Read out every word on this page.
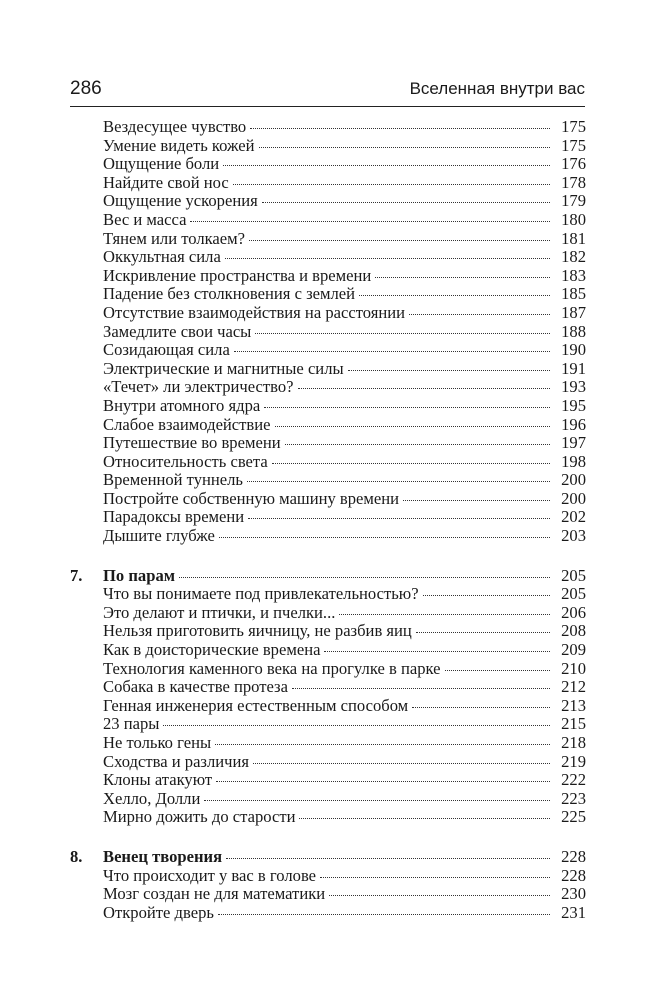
286	Вселенная внутри вас
Вездесущее чувство	175
Умение видеть кожей	175
Ощущение боли	176
Найдите свой нос	178
Ощущение ускорения	179
Вес и масса	180
Тянем или толкаем?	181
Оккультная сила	182
Искривление пространства и времени	183
Падение без столкновения с землей	185
Отсутствие взаимодействия на расстоянии	187
Замедлите свои часы	188
Созидающая сила	190
Электрические и магнитные силы	191
«Течет» ли электричество?	193
Внутри атомного ядра	195
Слабое взаимодействие	196
Путешествие во времени	197
Относительность света	198
Временной туннель	200
Постройте собственную машину времени	200
Парадоксы времени	202
Дышите глубже	203
7.	По парам	205
Что вы понимаете под привлекательностью?	205
Это делают и птички, и пчелки...	206
Нельзя приготовить яичницу, не разбив яиц	208
Как в доисторические времена	209
Технология каменного века на прогулке в парке	210
Собака в качестве протеза	212
Генная инженерия естественным способом	213
23 пары	215
Не только гены	218
Сходства и различия	219
Клоны атакуют	222
Хелло, Долли	223
Мирно дожить до старости	225
8.	Венец творения	228
Что происходит у вас в голове	228
Мозг создан не для математики	230
Откройте дверь	231
